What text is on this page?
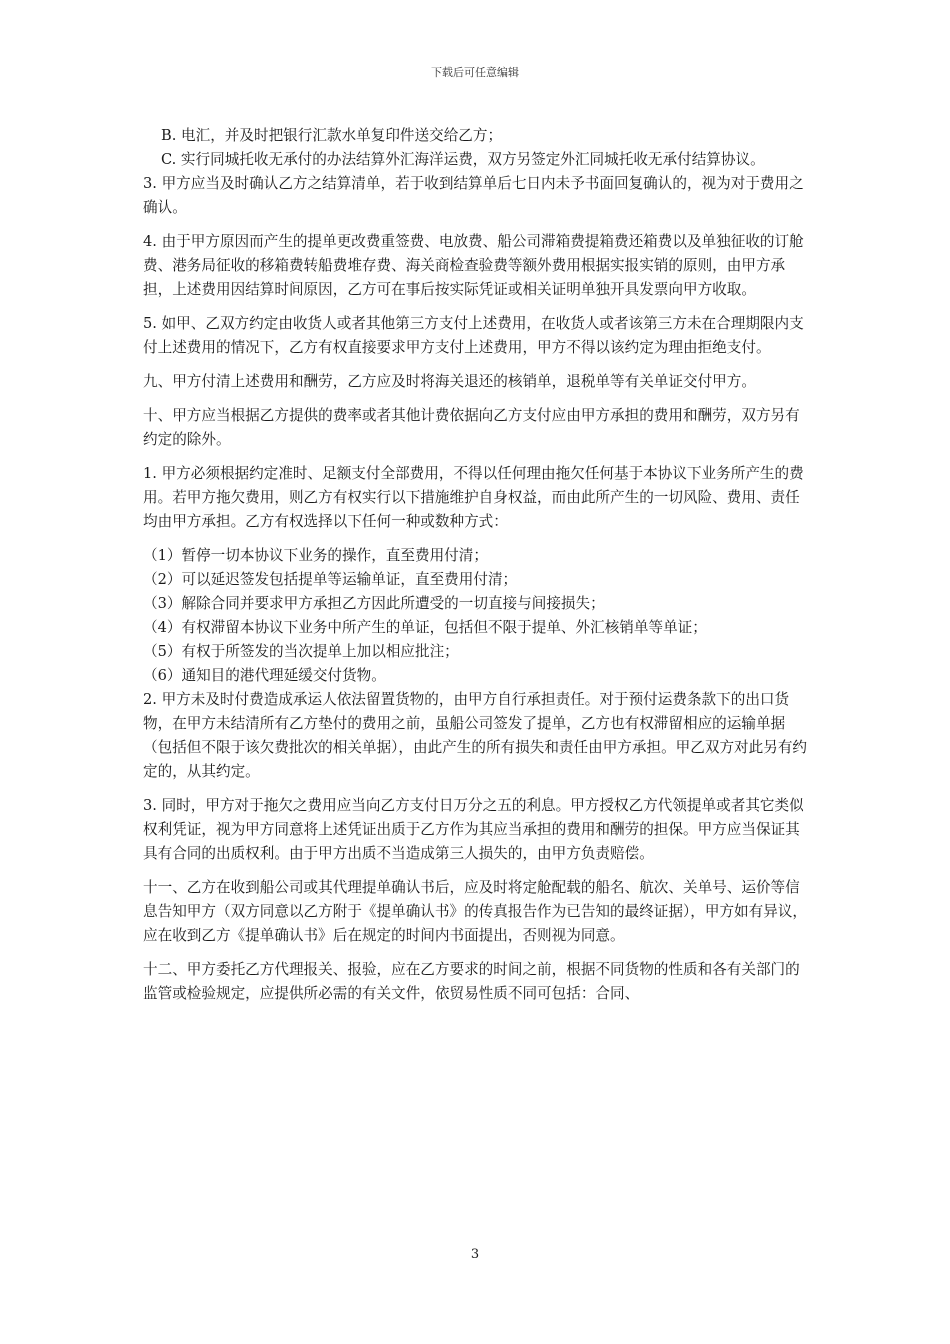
下载后可任意编辑

B. 电汇，并及时把银行汇款水单复印件送交给乙方；

C. 实行同城托收无承付的办法结算外汇海洋运费，双方另签定外汇同城托收无承付结算协议。

3. 甲方应当及时确认乙方之结算清单，若于收到结算单后七日内未予书面回复确认的，视为对于费用之确认。

4. 由于甲方原因而产生的提单更改费重签费、电放费、船公司滞箱费提箱费还箱费以及单独征收的订舱费、港务局征收的移箱费转船费堆存费、海关商检查验费等额外费用根据实报实销的原则，由甲方承担，上述费用因结算时间原因，乙方可在事后按实际凭证或相关证明单独开具发票向甲方收取。

5. 如甲、乙双方约定由收货人或者其他第三方支付上述费用，在收货人或者该第三方未在合理期限内支付上述费用的情况下，乙方有权直接要求甲方支付上述费用，甲方不得以该约定为理由拒绝支付。

九、甲方付清上述费用和酬劳，乙方应及时将海关退还的核销单，退税单等有关单证交付甲方。

十、甲方应当根据乙方提供的费率或者其他计费依据向乙方支付应由甲方承担的费用和酬劳，双方另有约定的除外。

1. 甲方必须根据约定准时、足额支付全部费用，不得以任何理由拖欠任何基于本协议下业务所产生的费用。若甲方拖欠费用，则乙方有权实行以下措施维护自身权益，而由此所产生的一切风险、费用、责任均由甲方承担。乙方有权选择以下任何一种或数种方式：

（1）暂停一切本协议下业务的操作，直至费用付清；

（2）可以延迟签发包括提单等运输单证，直至费用付清；

（3）解除合同并要求甲方承担乙方因此所遭受的一切直接与间接损失；

（4）有权滞留本协议下业务中所产生的单证，包括但不限于提单、外汇核销单等单证；

（5）有权于所签发的当次提单上加以相应批注；

（6）通知目的港代理延缓交付货物。

2. 甲方未及时付费造成承运人依法留置货物的，由甲方自行承担责任。对于预付运费条款下的出口货物，在甲方未结清所有乙方垫付的费用之前，虽船公司签发了提单，乙方也有权滞留相应的运输单据（包括但不限于该欠费批次的相关单据），由此产生的所有损失和责任由甲方承担。甲乙双方对此另有约定的，从其约定。

3. 同时，甲方对于拖欠之费用应当向乙方支付日万分之五的利息。甲方授权乙方代领提单或者其它类似权利凭证，视为甲方同意将上述凭证出质于乙方作为其应当承担的费用和酬劳的担保。甲方应当保证其具有合同的出质权利。由于甲方出质不当造成第三人损失的，由甲方负责赔偿。

十一、乙方在收到船公司或其代理提单确认书后，应及时将定舱配载的船名、航次、关单号、运价等信息告知甲方（双方同意以乙方附于《提单确认书》的传真报告作为已告知的最终证据），甲方如有异议，应在收到乙方《提单确认书》后在规定的时间内书面提出，否则视为同意。

十二、甲方委托乙方代理报关、报验，应在乙方要求的时间之前，根据不同货物的性质和各有关部门的监管或检验规定，应提供所必需的有关文件，依贸易性质不同可包括：合同、

3
